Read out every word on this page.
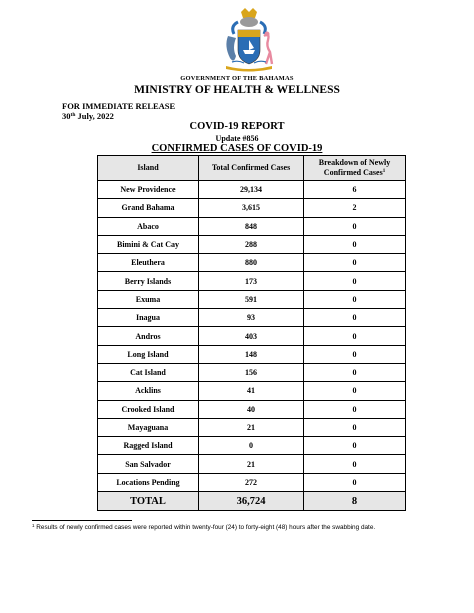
GOVERNMENT OF THE BAHAMAS
MINISTRY OF HEALTH & WELLNESS
FOR IMMEDIATE RELEASE
30th July, 2022
COVID-19 REPORT
Update #856
CONFIRMED CASES OF COVID-19
Island	Total Confirmed Cases	Breakdown of Newly Confirmed Cases$^1$
New Providence	29,134	6
Grand Bahama	3,615	2
Abaco	848	0
Bimini & Cat Cay	288	0
Eleuthera	880	0
Berry Islands	173	0
Exuma	591	0
Inagua	93	0
Andros	403	0
Long Island	148	0
Cat Island	156	0
Acklins	41	0
Crooked Island	40	0
Mayaguana	21	0
Ragged Island	0	0
San Salvador	21	0
Locations Pending	272	0
TOTAL	36,724	8
$^1$ Results of newly confirmed cases were reported within twenty-four (24) to forty-eight (48) hours after the swabbing date.
